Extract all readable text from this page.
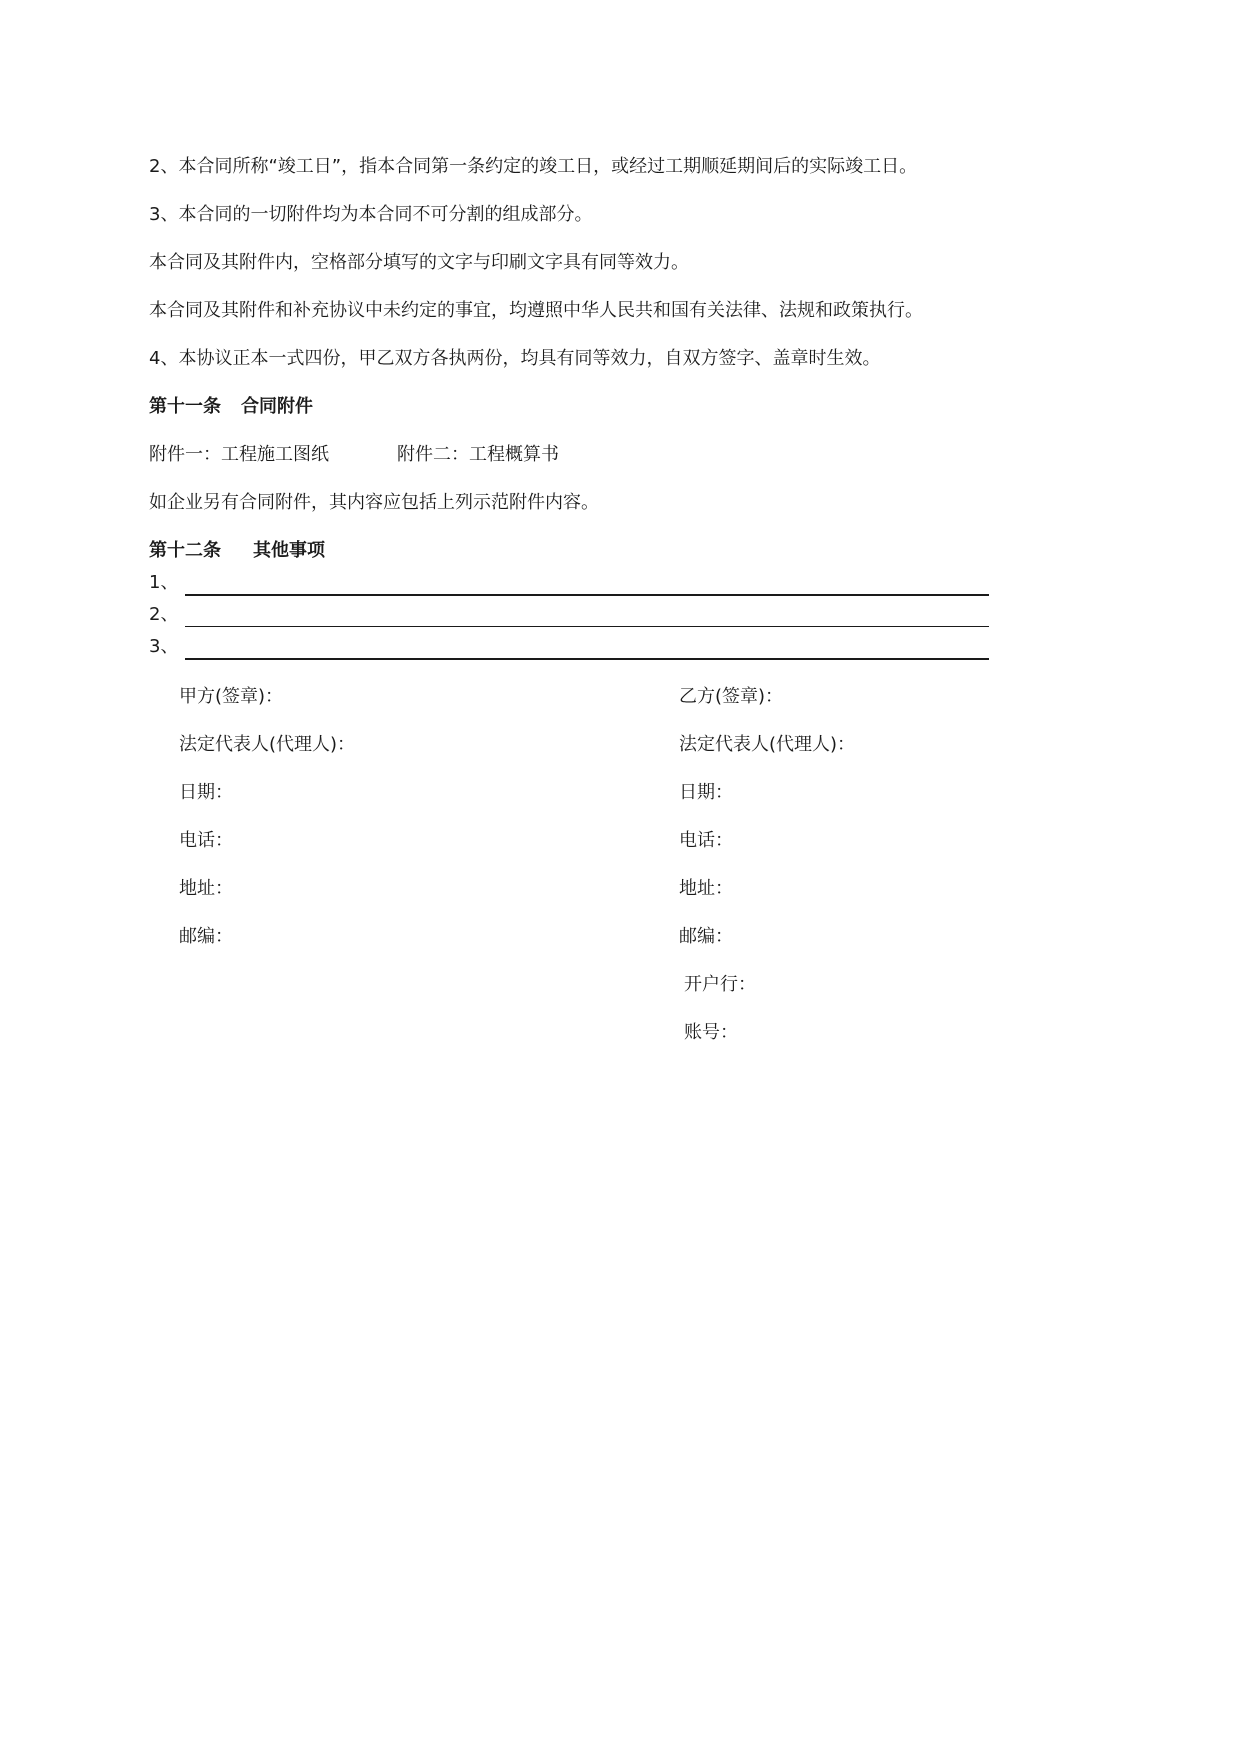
2、本合同所称“竣工日”，指本合同第一条约定的竣工日，或经过工期顺延期间后的实际竣工日。
3、本合同的一切附件均为本合同不可分割的组成部分。
本合同及其附件内，空格部分填写的文字与印刷文字具有同等效力。
本合同及其附件和补充协议中未约定的事宜，均遵照中华人民共和国有关法律、法规和政策执行。
4、本协议正本一式四份，甲乙双方各执两份，均具有同等效力，自双方签字、盖章时生效。
第十一条 合同附件
附件一：工程施工图纸	附件二：工程概算书
如企业另有合同附件，其内容应包括上列示范附件内容。
第十二条 其他事项
1、
2、
3、
甲方(签章)：
法定代表人(代理人)：
日期：
电话：
地址：
邮编：
乙方(签章)：
法定代表人(代理人)：
日期：
电话：
地址：
邮编：
开户行：
账号：
